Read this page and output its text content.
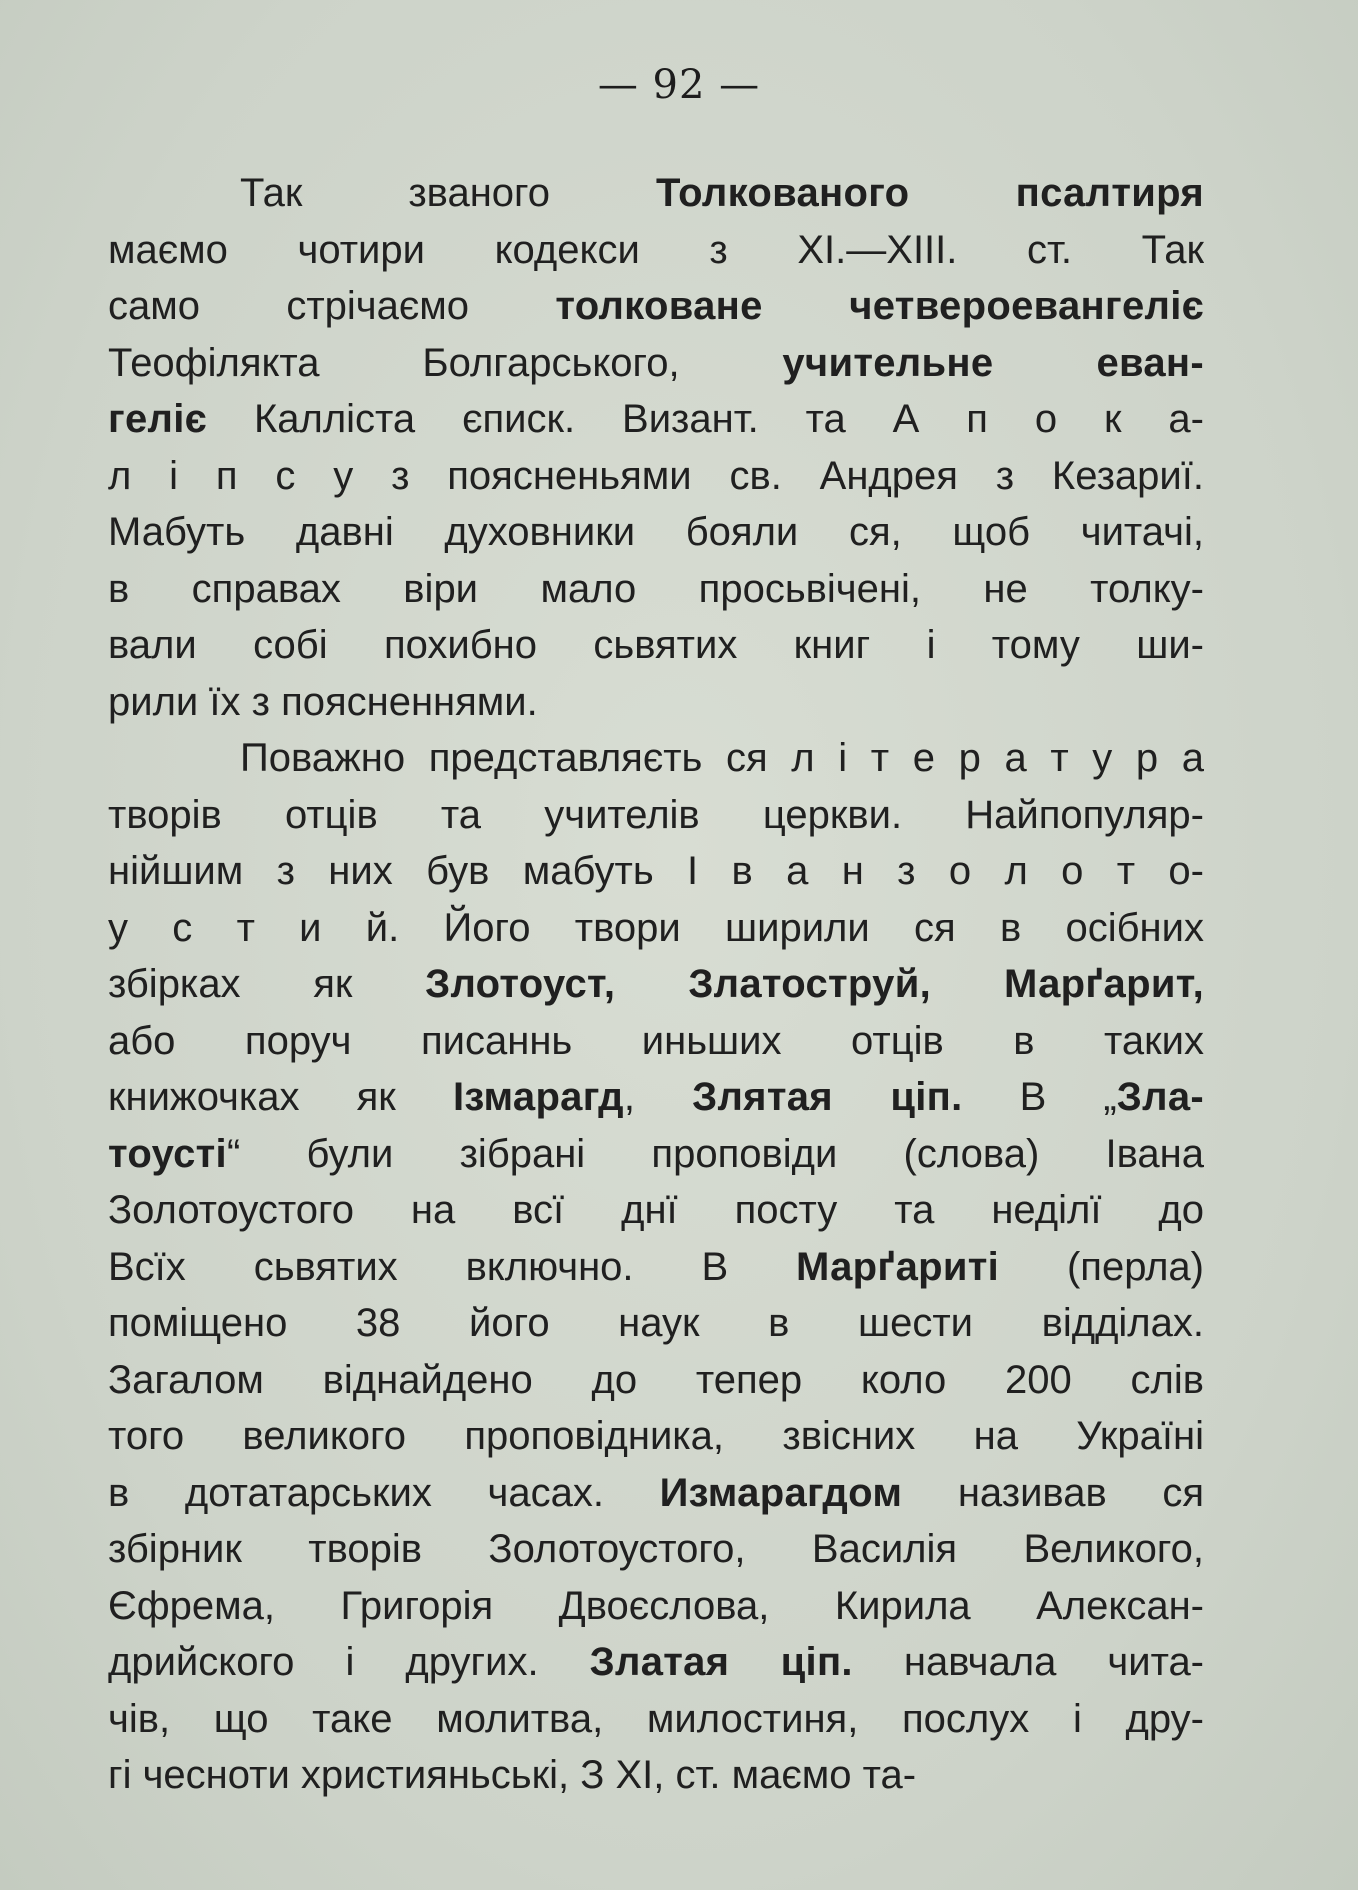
— 92 —
Так званого Толкованого псалтиря
маємо чотири кодекси з XI.—XIII. ст. Так
само стрічаємо толковане четвероевангеліє
Теофілякта Болгарського, учительне еван-
геліє Калліста єписк. Визант. та А п о к а-
л і п с у з поясненьями св. Андрея з Кезариї.
Мабуть давні духовники бояли ся, щоб читачі,
в справах віри мало просьвічені, не толку-
вали собі похибно сьвятих книг і тому ши-
рили їх з поясненнями.
Поважно представляєть ся л і т е р а т у р а
творів отців та учителів церкви. Найпопуляр-
нійшим з них був мабуть І в а н з о л о т о-
у с т и й. Його твори ширили ся в осібних
збірках як Злотоуст, Златоструй, Марґарит,
або поруч писаннь иньших отців в таких
книжочках як Ізмарагд, Злятая ціп. В „Зла-
тоусті“ були зібрані проповіди (слова) Івана
Золотоустого на всї днї посту та неділї до
Всїх сьвятих включно. В Марґариті (перла)
поміщено 38 його наук в шести відділах.
Загалом віднайдено до тепер коло 200 слів
того великого проповідника, звісних на Україні
в дотатарських часах. Измарагдом називав ся
збірник творів Золотоустого, Василія Великого,
Єфрема, Григорія Двоєслова, Кирила Алексан-
дрийского і других. Златая ціп. навчала чита-
чів, що таке молитва, милостиня, послух і дру-
гі чесноти християньські, З XI, ст. маємо та-
